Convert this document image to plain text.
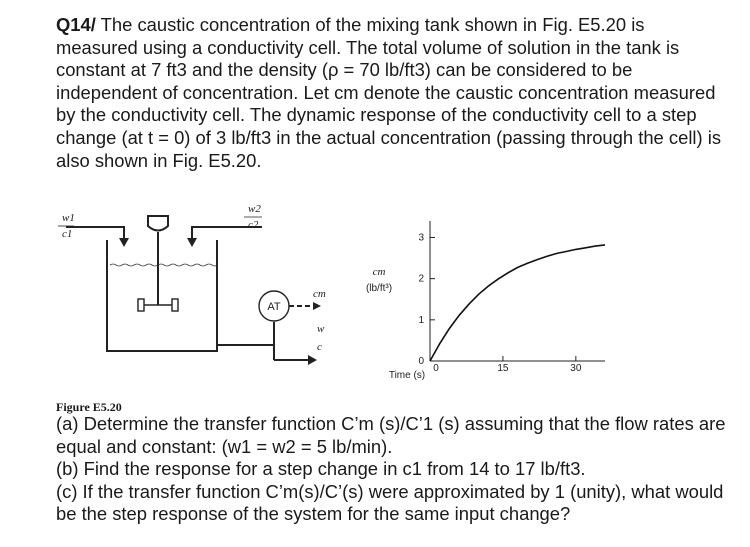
Q14/ The caustic concentration of the mixing tank shown in Fig. E5.20 is measured using a conductivity cell. The total volume of solution in the tank is constant at 7 ft3 and the density (ρ = 70 lb/ft3) can be considered to be independent of concentration. Let cm denote the caustic concentration measured by the conductivity cell. The dynamic response of the conductivity cell to a step change (at t = 0) of 3 lb/ft3 in the actual concentration (passing through the cell) is also shown in Fig. E5.20.
w1
c1
w2
c2
AT
cm
w
c
cm
Time (s)
0
1
2
3
0	15	30
(lb/ft³)
Figure E5.20

(a) Determine the transfer function C’m (s)/C’1 (s) assuming that the flow rates are equal and constant: (w1 = w2 = 5 lb/min).

(b) Find the response for a step change in c1 from 14 to 17 lb/ft3.

(c) If the transfer function C’m(s)/C’(s) were approximated by 1 (unity), what would be the step response of the system for the same input change?
